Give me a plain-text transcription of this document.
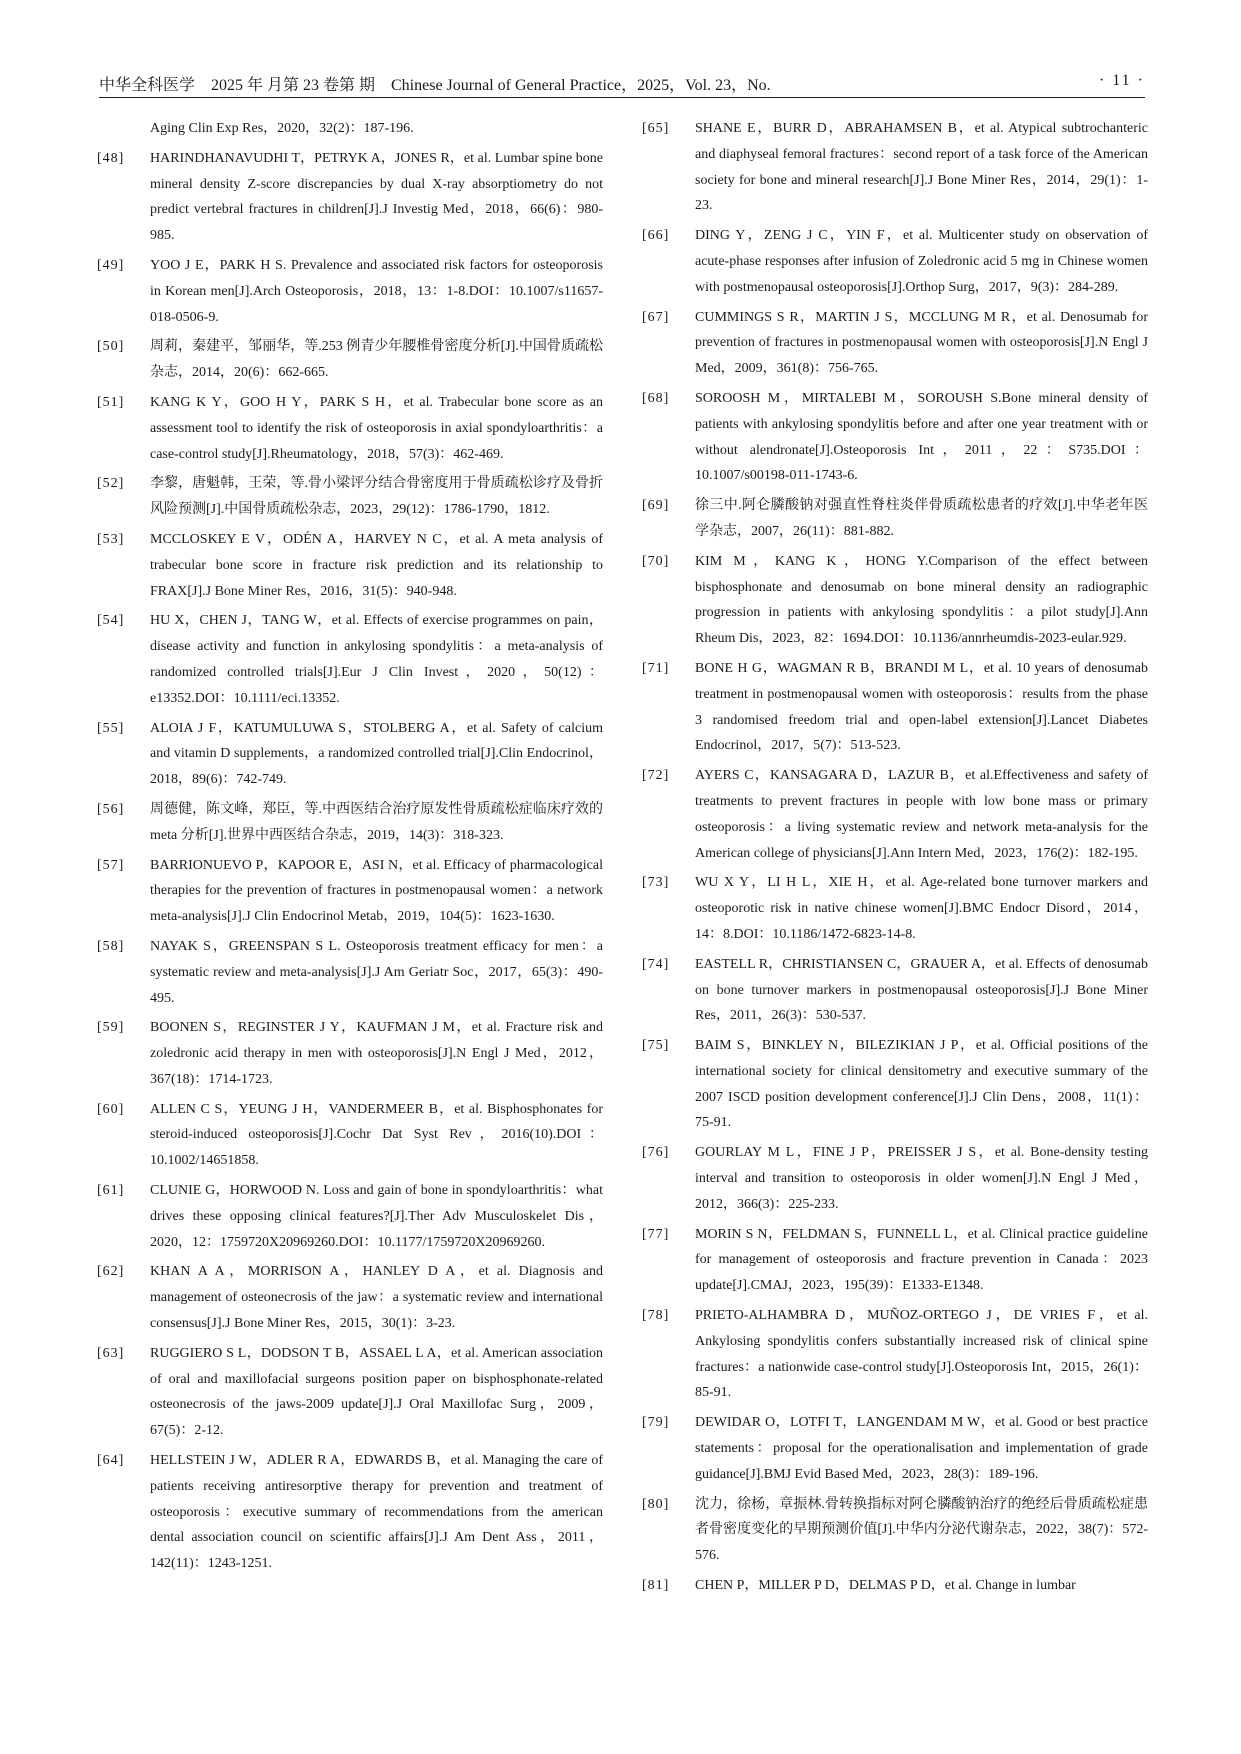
中华全科医学　2025 年 月第 23 卷第 期　Chinese Journal of General Practice，2025，Vol. 23，No.	· 11 ·
Aging Clin Exp Res，2020，32(2)：187-196.
[48] HARINDHANAVUDHI T，PETRYK A，JONES R，et al. Lumbar spine bone mineral density Z-score discrepancies by dual X-ray absorptiometry do not predict vertebral fractures in children[J].J Investig Med，2018，66(6)：980-985.
[49] YOO J E，PARK H S. Prevalence and associated risk factors for osteoporosis in Korean men[J].Arch Osteoporosis，2018，13：1-8.DOI：10.1007/s11657-018-0506-9.
[50] 周莉，秦建平，邹丽华，等.253 例青少年腰椎骨密度分析[J].中国骨质疏松杂志，2014，20(6)：662-665.
[51] KANG K Y，GOO H Y，PARK S H，et al. Trabecular bone score as an assessment tool to identify the risk of osteoporosis in axial spondyloarthritis：a case-control study[J].Rheumatology，2018，57(3)：462-469.
[52] 李黎，唐魁韩，王荣，等.骨小梁评分结合骨密度用于骨质疏松诊疗及骨折风险预测[J].中国骨质疏松杂志，2023，29(12)：1786-1790，1812.
[53] MCCLOSKEY E V，ODÉN A，HARVEY N C，et al. A meta analysis of trabecular bone score in fracture risk prediction and its relationship to FRAX[J].J Bone Miner Res，2016，31(5)：940-948.
[54] HU X，CHEN J，TANG W，et al. Effects of exercise programmes on pain，disease activity and function in ankylosing spondylitis：a meta-analysis of randomized controlled trials[J].Eur J Clin Invest，2020，50(12)：e13352.DOI：10.1111/eci.13352.
[55] ALOIA J F，KATUMULUWA S，STOLBERG A，et al. Safety of calcium and vitamin D supplements，a randomized controlled trial[J].Clin Endocrinol，2018，89(6)：742-749.
[56] 周德健，陈文峰，郑臣，等.中西医结合治疗原发性骨质疏松症临床疗效的 meta 分析[J].世界中西医结合杂志，2019，14(3)：318-323.
[57] BARRIONUEVO P，KAPOOR E，ASI N，et al. Efficacy of pharmacological therapies for the prevention of fractures in postmenopausal women：a network meta-analysis[J].J Clin Endocrinol Metab，2019，104(5)：1623-1630.
[58] NAYAK S，GREENSPAN S L. Osteoporosis treatment efficacy for men：a systematic review and meta-analysis[J].J Am Geriatr Soc，2017，65(3)：490-495.
[59] BOONEN S，REGINSTER J Y，KAUFMAN J M，et al. Fracture risk and zoledronic acid therapy in men with osteoporosis[J].N Engl J Med，2012，367(18)：1714-1723.
[60] ALLEN C S，YEUNG J H，VANDERMEER B，et al. Bisphosphonates for steroid-induced osteoporosis[J].Cochr Dat Syst Rev，2016(10).DOI：10.1002/14651858.
[61] CLUNIE G，HORWOOD N. Loss and gain of bone in spondyloarthritis：what drives these opposing clinical features?[J].Ther Adv Musculoskelet Dis，2020，12：1759720X20969260.DOI：10.1177/1759720X20969260.
[62] KHAN A A，MORRISON A，HANLEY D A，et al. Diagnosis and management of osteonecrosis of the jaw：a systematic review and international consensus[J].J Bone Miner Res，2015，30(1)：3-23.
[63] RUGGIERO S L，DODSON T B，ASSAEL L A，et al. American association of oral and maxillofacial surgeons position paper on bisphosphonate-related osteonecrosis of the jaws-2009 update[J].J Oral Maxillofac Surg，2009，67(5)：2-12.
[64] HELLSTEIN J W，ADLER R A，EDWARDS B，et al. Managing the care of patients receiving antiresorptive therapy for prevention and treatment of osteoporosis：executive summary of recommendations from the american dental association council on scientific affairs[J].J Am Dent Ass，2011，142(11)：1243-1251.
[65] SHANE E，BURR D，ABRAHAMSEN B，et al. Atypical subtrochanteric and diaphyseal femoral fractures：second report of a task force of the American society for bone and mineral research[J].J Bone Miner Res，2014，29(1)：1-23.
[66] DING Y，ZENG J C，YIN F，et al. Multicenter study on observation of acute-phase responses after infusion of Zoledronic acid 5 mg in Chinese women with postmenopausal osteoporosis[J].Orthop Surg，2017，9(3)：284-289.
[67] CUMMINGS S R，MARTIN J S，MCCLUNG M R，et al. Denosumab for prevention of fractures in postmenopausal women with osteoporosis[J].N Engl J Med，2009，361(8)：756-765.
[68] SOROOSH M，MIRTALEBI M，SOROUSH S.Bone mineral density of patients with ankylosing spondylitis before and after one year treatment with or without alendronate[J].Osteoporosis Int，2011，22：S735.DOI：10.1007/s00198-011-1743-6.
[69] 徐三中.阿仑膦酸钠对强直性脊柱炎伴骨质疏松患者的疗效[J].中华老年医学杂志，2007，26(11)：881-882.
[70] KIM M，KANG K，HONG Y.Comparison of the effect between bisphosphonate and denosumab on bone mineral density an radiographic progression in patients with ankylosing spondylitis：a pilot study[J].Ann Rheum Dis，2023，82：1694.DOI：10.1136/annrheumdis-2023-eular.929.
[71] BONE H G，WAGMAN R B，BRANDI M L，et al. 10 years of denosumab treatment in postmenopausal women with osteoporosis：results from the phase 3 randomised freedom trial and open-label extension[J].Lancet Diabetes Endocrinol，2017，5(7)：513-523.
[72] AYERS C，KANSAGARA D，LAZUR B，et al.Effectiveness and safety of treatments to prevent fractures in people with low bone mass or primary osteoporosis：a living systematic review and network meta-analysis for the American college of physicians[J].Ann Intern Med，2023，176(2)：182-195.
[73] WU X Y，LI H L，XIE H，et al. Age-related bone turnover markers and osteoporotic risk in native chinese women[J].BMC Endocr Disord，2014，14：8.DOI：10.1186/1472-6823-14-8.
[74] EASTELL R，CHRISTIANSEN C，GRAUER A，et al. Effects of denosumab on bone turnover markers in postmenopausal osteoporosis[J].J Bone Miner Res，2011，26(3)：530-537.
[75] BAIM S，BINKLEY N，BILEZIKIAN J P，et al. Official positions of the international society for clinical densitometry and executive summary of the 2007 ISCD position development conference[J].J Clin Dens，2008，11(1)：75-91.
[76] GOURLAY M L，FINE J P，PREISSER J S，et al. Bone-density testing interval and transition to osteoporosis in older women[J].N Engl J Med，2012，366(3)：225-233.
[77] MORIN S N，FELDMAN S，FUNNELL L，et al. Clinical practice guideline for management of osteoporosis and fracture prevention in Canada：2023 update[J].CMAJ，2023，195(39)：E1333-E1348.
[78] PRIETO-ALHAMBRA D，MUÑOZ-ORTEGO J，DE VRIES F，et al. Ankylosing spondylitis confers substantially increased risk of clinical spine fractures：a nationwide case-control study[J].Osteoporosis Int，2015，26(1)：85-91.
[79] DEWIDAR O，LOTFI T，LANGENDAM M W，et al. Good or best practice statements：proposal for the operationalisation and implementation of grade guidance[J].BMJ Evid Based Med，2023，28(3)：189-196.
[80] 沈力，徐杨，章振林.骨转换指标对阿仑膦酸钠治疗的绝经后骨质疏松症患者骨密度变化的早期预测价值[J].中华内分泌代谢杂志，2022，38(7)：572-576.
[81] CHEN P，MILLER P D，DELMAS P D，et al. Change in lumbar
